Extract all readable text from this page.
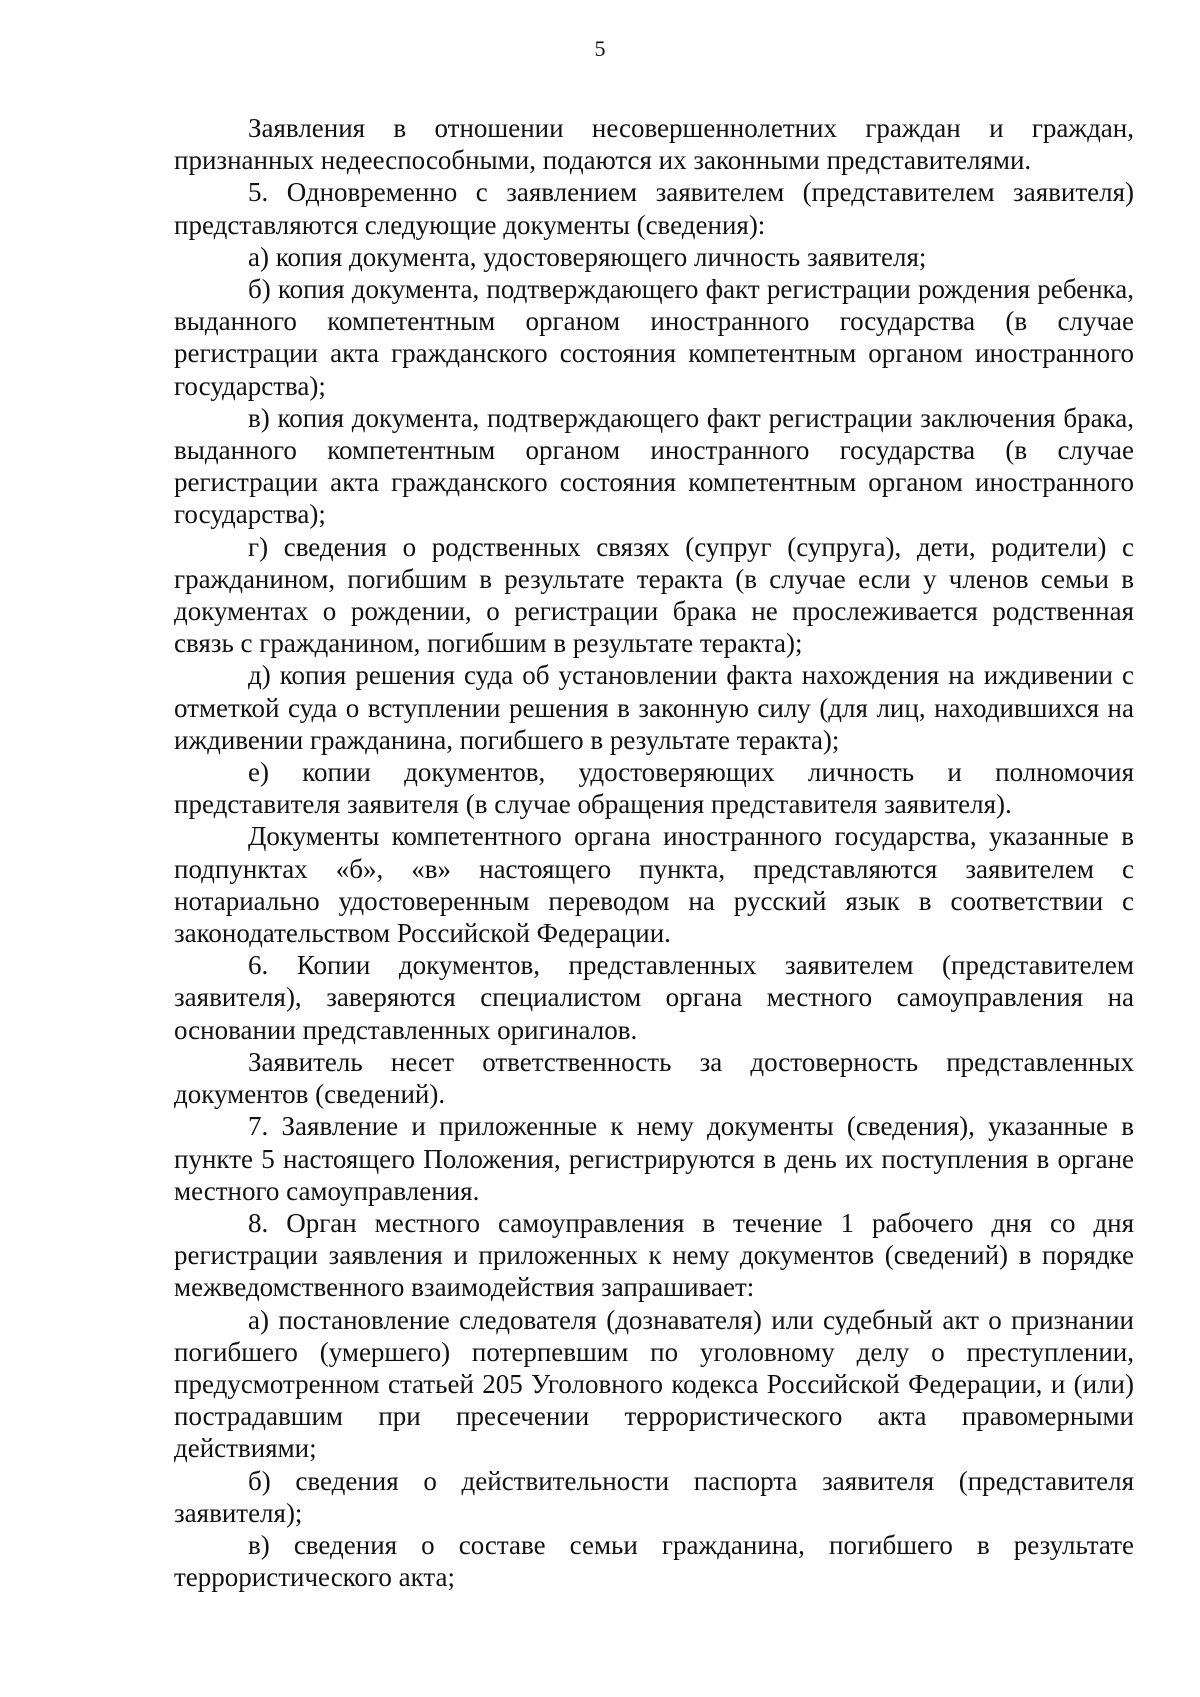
5

Заявления в отношении несовершеннолетних граждан и граждан, признанных недееспособными, подаются их законными представителями.

5. Одновременно с заявлением заявителем (представителем заявителя) представляются следующие документы (сведения):

а) копия документа, удостоверяющего личность заявителя;

б) копия документа, подтверждающего факт регистрации рождения ребенка, выданного компетентным органом иностранного государства (в случае регистрации акта гражданского состояния компетентным органом иностранного государства);

в) копия документа, подтверждающего факт регистрации заключения брака, выданного компетентным органом иностранного государства (в случае регистрации акта гражданского состояния компетентным органом иностранного государства);

г) сведения о родственных связях (супруг (супруга), дети, родители) с гражданином, погибшим в результате теракта (в случае если у членов семьи в документах о рождении, о регистрации брака не прослеживается родственная связь с гражданином, погибшим в результате теракта);

д) копия решения суда об установлении факта нахождения на иждивении с отметкой суда о вступлении решения в законную силу (для лиц, находившихся на иждивении гражданина, погибшего в результате теракта);

е) копии документов, удостоверяющих личность и полномочия представителя заявителя (в случае обращения представителя заявителя).

Документы компетентного органа иностранного государства, указанные в подпунктах «б», «в» настоящего пункта, представляются заявителем с нотариально удостоверенным переводом на русский язык в соответствии с законодательством Российской Федерации.

6. Копии документов, представленных заявителем (представителем заявителя), заверяются специалистом органа местного самоуправления на основании представленных оригиналов.

Заявитель несет ответственность за достоверность представленных документов (сведений).

7. Заявление и приложенные к нему документы (сведения), указанные в пункте 5 настоящего Положения, регистрируются в день их поступления в органе местного самоуправления.

8. Орган местного самоуправления в течение 1 рабочего дня со дня регистрации заявления и приложенных к нему документов (сведений) в порядке межведомственного взаимодействия запрашивает:

а) постановление следователя (дознавателя) или судебный акт о признании погибшего (умершего) потерпевшим по уголовному делу о преступлении, предусмотренном статьей 205 Уголовного кодекса Российской Федерации, и (или) пострадавшим при пресечении террористического акта правомерными действиями;

б) сведения о действительности паспорта заявителя (представителя заявителя);

в) сведения о составе семьи гражданина, погибшего в результате террористического акта;
